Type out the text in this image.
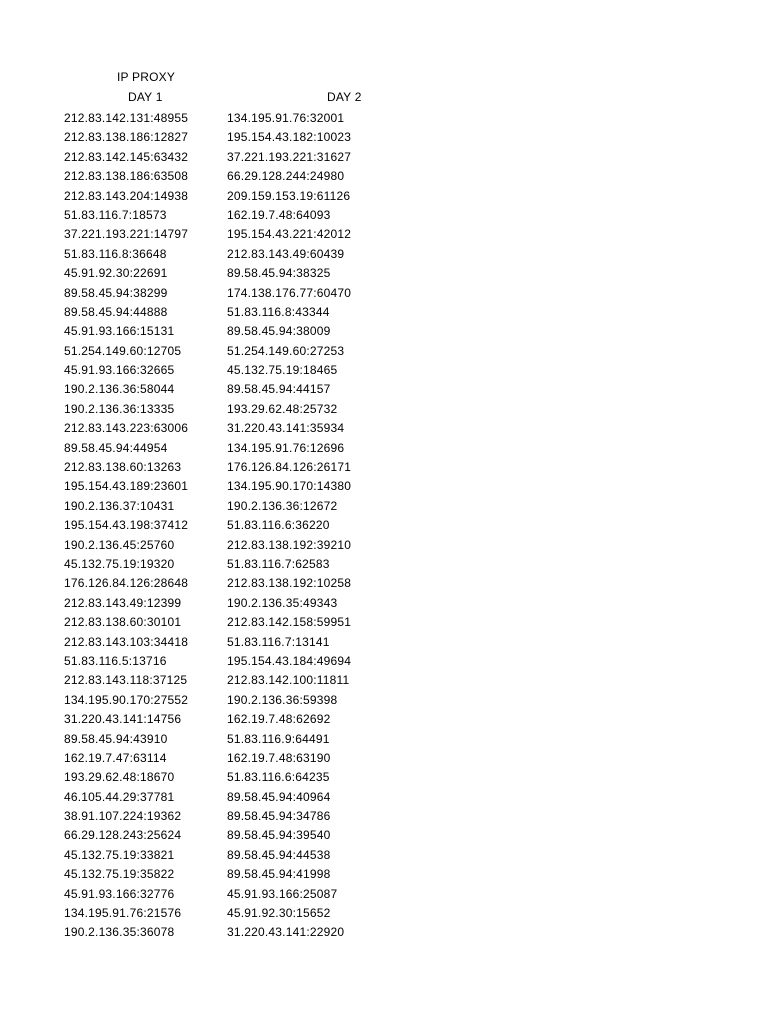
IP PROXY
DAY 1	DAY 2
212.83.142.131:48955
212.83.138.186:12827
212.83.142.145:63432
212.83.138.186:63508
212.83.143.204:14938
51.83.116.7:18573
37.221.193.221:14797
51.83.116.8:36648
45.91.92.30:22691
89.58.45.94:38299
89.58.45.94:44888
45.91.93.166:15131
51.254.149.60:12705
45.91.93.166:32665
190.2.136.36:58044
190.2.136.36:13335
212.83.143.223:63006
89.58.45.94:44954
212.83.138.60:13263
195.154.43.189:23601
190.2.136.37:10431
195.154.43.198:37412
190.2.136.45:25760
45.132.75.19:19320
176.126.84.126:28648
212.83.143.49:12399
212.83.138.60:30101
212.83.143.103:34418
51.83.116.5:13716
212.83.143.118:37125
134.195.90.170:27552
31.220.43.141:14756
89.58.45.94:43910
162.19.7.47:63114
193.29.62.48:18670
46.105.44.29:37781
38.91.107.224:19362
66.29.128.243:25624
45.132.75.19:33821
45.132.75.19:35822
45.91.93.166:32776
134.195.91.76:21576
190.2.136.35:36078
134.195.91.76:32001
195.154.43.182:10023
37.221.193.221:31627
66.29.128.244:24980
209.159.153.19:61126
162.19.7.48:64093
195.154.43.221:42012
212.83.143.49:60439
89.58.45.94:38325
174.138.176.77:60470
51.83.116.8:43344
89.58.45.94:38009
51.254.149.60:27253
45.132.75.19:18465
89.58.45.94:44157
193.29.62.48:25732
31.220.43.141:35934
134.195.91.76:12696
176.126.84.126:26171
134.195.90.170:14380
190.2.136.36:12672
51.83.116.6:36220
212.83.138.192:39210
51.83.116.7:62583
212.83.138.192:10258
190.2.136.35:49343
212.83.142.158:59951
51.83.116.7:13141
195.154.43.184:49694
212.83.142.100:11811
190.2.136.36:59398
162.19.7.48:62692
51.83.116.9:64491
162.19.7.48:63190
51.83.116.6:64235
89.58.45.94:40964
89.58.45.94:34786
89.58.45.94:39540
89.58.45.94:44538
89.58.45.94:41998
45.91.93.166:25087
45.91.92.30:15652
31.220.43.141:22920
